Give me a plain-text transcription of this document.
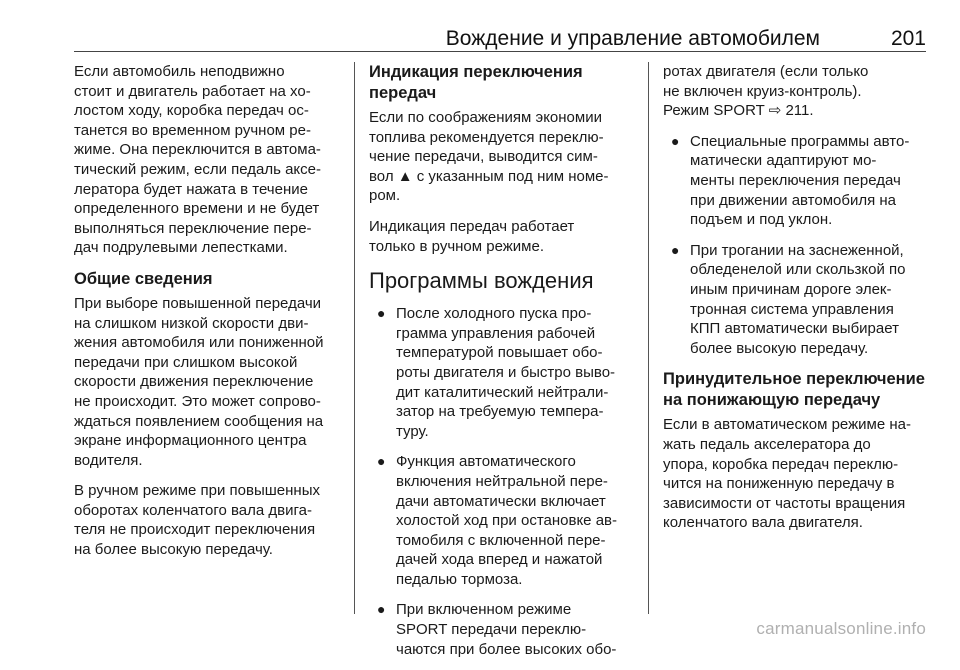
Вождение и управление автомобилем	201

Если автомобиль неподвижно
стоит и двигатель работает на хо-
лостом ходу, коробка передач ос-
танется во временном ручном ре-
жиме. Она переключится в автома-
тический режим, если педаль аксе-
лератора будет нажата в течение
определенного времени и не будет
выполняться переключение пере-
дач подрулевыми лепестками.

Общие сведения

При выборе повышенной передачи
на слишком низкой скорости дви-
жения автомобиля или пониженной
передачи при слишком высокой
скорости движения переключение
не происходит. Это может сопрово-
ждаться появлением сообщения на
экране информационного центра
водителя.

В ручном режиме при повышенных
оборотах коленчатого вала двига-
теля не происходит переключения
на более высокую передачу.

Индикация переключения
передач

Если по соображениям экономии
топлива рекомендуется переклю-
чение передачи, выводится сим-
вол ▲ с указанным под ним номе-
ром.

Индикация передач работает
только в ручном режиме.

Программы вождения
● После холодного пуска про-
грамма управления рабочей
температурой повышает обо-
роты двигателя и быстро выво-
дит каталитический нейтрали-
затор на требуемую темпера-
туру.
● Функция автоматического
включения нейтральной пере-
дачи автоматически включает
холостой ход при остановке ав-
томобиля с включенной пере-
дачей хода вперед и нажатой
педалью тормоза.
● При включенном режиме
SPORT передачи переклю-
чаются при более высоких обо-

ротах двигателя (если только
не включен круиз-контроль).
Режим SPORT ⇨ 211.

● Специальные программы авто-
матически адаптируют мо-
менты переключения передач
при движении автомобиля на
подъем и под уклон.
● При трогании на заснеженной,
обледенелой или скользкой по
иным причинам дороге элек-
тронная система управления
КПП автоматически выбирает
более высокую передачу.
Принудительное переключение
на понижающую передачу

Если в автоматическом режиме на-
жать педаль акселератора до
упора, коробка передач переклю-
чится на пониженную передачу в
зависимости от частоты вращения
коленчатого вала двигателя.

carmanualsonline.info
